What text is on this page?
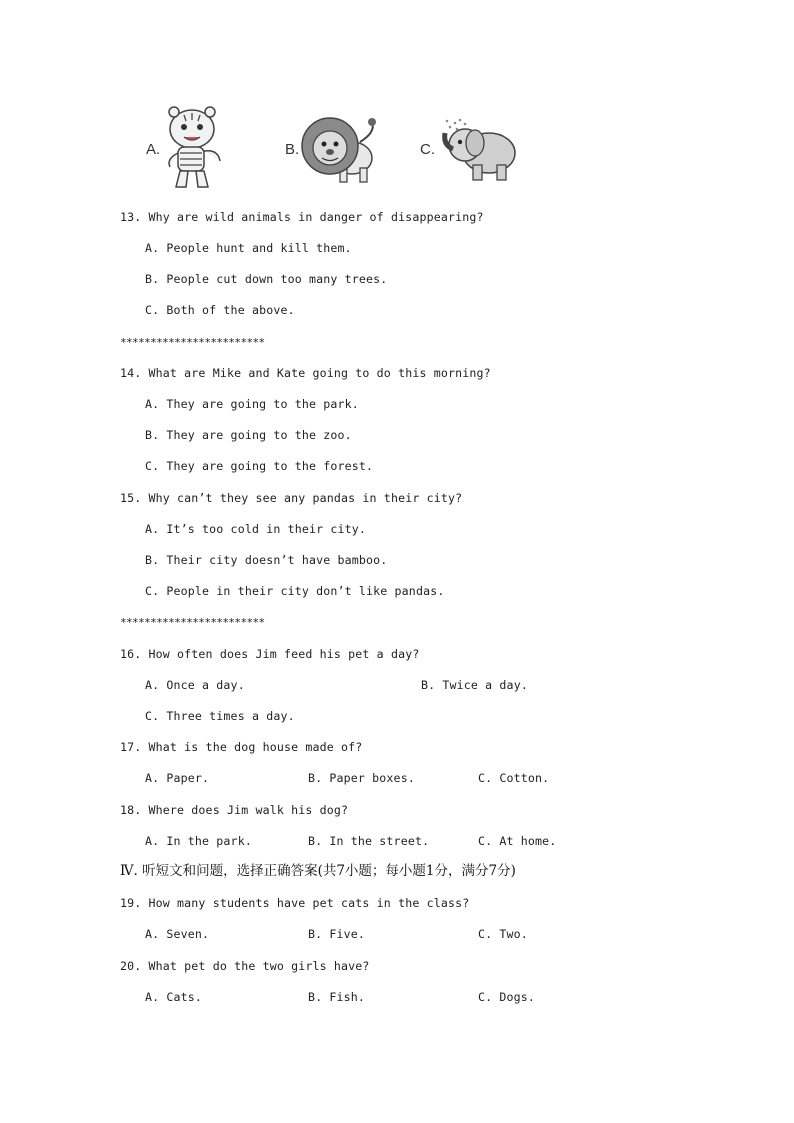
A.	B.	C.
13. Why are wild animals in danger of disappearing?
A. People hunt and kill them.
B. People cut down too many trees.
C. Both of the above.
************************
14. What are Mike and Kate going to do this morning?
A. They are going to the park.
B. They are going to the zoo.
C. They are going to the forest.
15. Why can’t they see any pandas in their city?
A. It’s too cold in their city.
B. Their city doesn’t have bamboo.
C. People in their city don’t like pandas.
************************
16. How often does Jim feed his pet a day?
A. Once a day.	B. Twice a day.
C. Three times a day.
17. What is the dog house made of?
A. Paper.	B. Paper boxes.	C. Cotton.
18. Where does Jim walk his dog?
A. In the park.	B. In the street.	C. At home.
Ⅳ. 听短文和问题，选择正确答案(共7小题；每小题1分，满分7分)
19. How many students have pet cats in the class?
A. Seven.	B. Five.	C. Two.
20. What pet do the two girls have?
A. Cats.	B. Fish.	C. Dogs.
